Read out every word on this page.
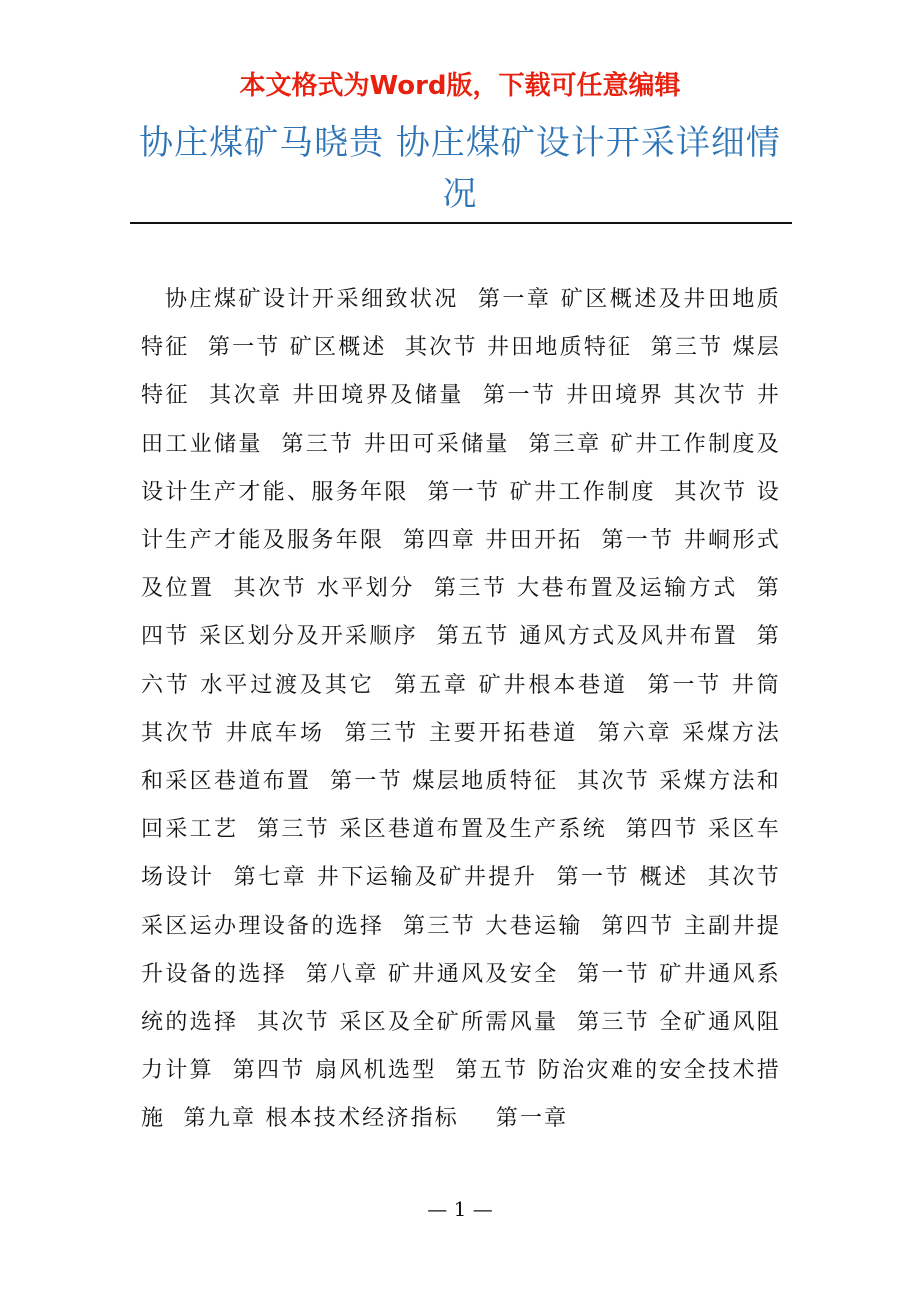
本文格式为Word版，下载可任意编辑
协庄煤矿马晓贵 协庄煤矿设计开采详细情况

协庄煤矿设计开采细致状况  第一章 矿区概述及井田地质特征  第一节 矿区概述  其次节 井田地质特征  第三节 煤层特征  其次章 井田境界及储量  第一节 井田境界 其次节 井田工业储量  第三节 井田可采储量  第三章 矿井工作制度及设计生产才能、服务年限  第一节 矿井工作制度  其次节 设计生产才能及服务年限  第四章 井田开拓  第一节 井峒形式及位置  其次节 水平划分  第三节 大巷布置及运输方式  第四节 采区划分及开采顺序  第五节 通风方式及风井布置  第六节 水平过渡及其它  第五章 矿井根本巷道  第一节 井筒  其次节 井底车场  第三节 主要开拓巷道  第六章 采煤方法和采区巷道布置  第一节 煤层地质特征  其次节 采煤方法和回采工艺  第三节 采区巷道布置及生产系统  第四节 采区车场设计  第七章 井下运输及矿井提升  第一节 概述  其次节 采区运办理设备的选择  第三节 大巷运输  第四节 主副井提升设备的选择  第八章 矿井通风及安全  第一节 矿井通风系统的选择  其次节 采区及全矿所需风量  第三节 全矿通风阻力计算  第四节 扇风机选型  第五节 防治灾难的安全技术措施  第九章 根本技术经济指标    第一章

— 1 —
